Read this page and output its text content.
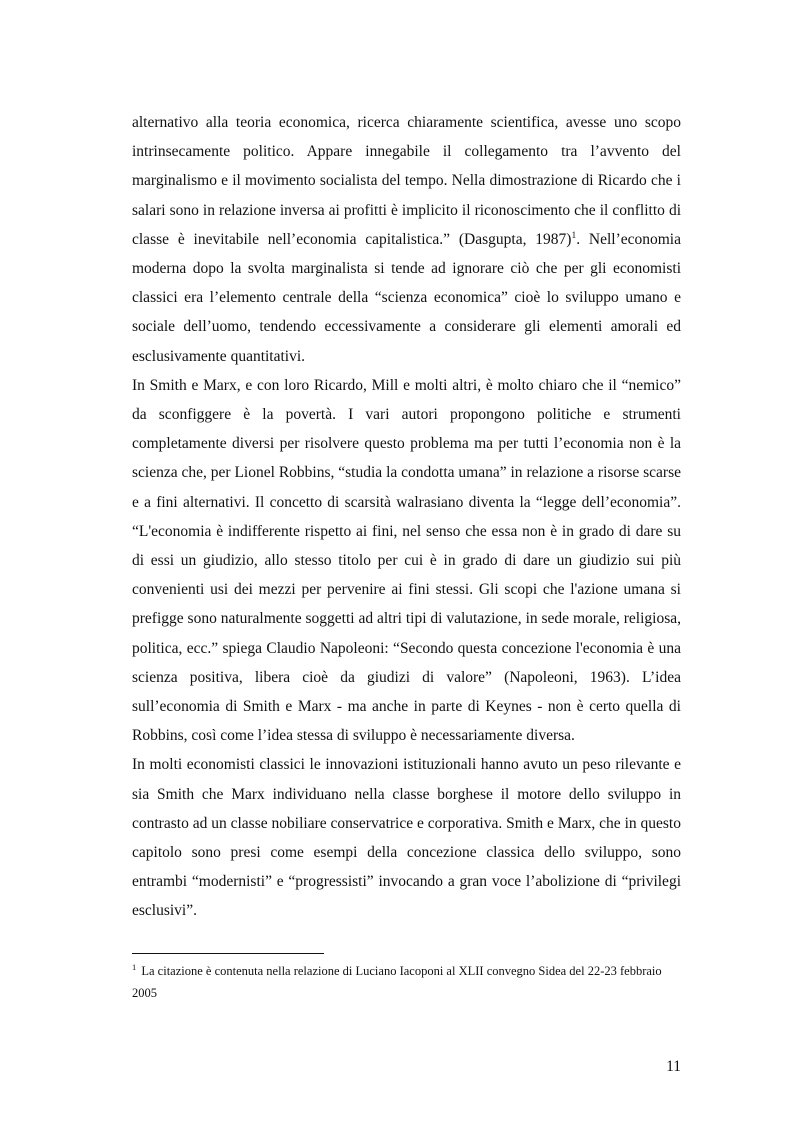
alternativo alla teoria economica, ricerca chiaramente scientifica, avesse uno scopo intrinsecamente politico. Appare innegabile il collegamento tra l’avvento del marginalismo e il movimento socialista del tempo. Nella dimostrazione di Ricardo che i salari sono in relazione inversa ai profitti è implicito il riconoscimento che il conflitto di classe è inevitabile nell’economia capitalistica.” (Dasgupta, 1987)$^1$. Nell’economia moderna dopo la svolta marginalista si tende ad ignorare ciò che per gli economisti classici era l’elemento centrale della “scienza economica” cioè lo sviluppo umano e sociale dell’uomo, tendendo eccessivamente a considerare gli elementi amorali ed esclusivamente quantitativi.

In Smith e Marx, e con loro Ricardo, Mill e molti altri, è molto chiaro che il “nemico” da sconfiggere è la povertà. I vari autori propongono politiche e strumenti completamente diversi per risolvere questo problema ma per tutti l’economia non è la scienza che, per Lionel Robbins, “studia la condotta umana” in relazione a risorse scarse e a fini alternativi. Il concetto di scarsità walrasiano diventa la “legge dell’economia”. “L'economia è indifferente rispetto ai fini, nel senso che essa non è in grado di dare su di essi un giudizio, allo stesso titolo per cui è in grado di dare un giudizio sui più convenienti usi dei mezzi per pervenire ai fini stessi. Gli scopi che l'azione umana si prefigge sono naturalmente soggetti ad altri tipi di valutazione, in sede morale, religiosa, politica, ecc.” spiega Claudio Napoleoni: “Secondo questa concezione l'economia è una scienza positiva, libera cioè da giudizi di valore” (Napoleoni, 1963). L’idea sull’economia di Smith e Marx - ma anche in parte di Keynes - non è certo quella di Robbins, così come l’idea stessa di sviluppo è necessariamente diversa.

In molti economisti classici le innovazioni istituzionali hanno avuto un peso rilevante e sia Smith che Marx individuano nella classe borghese il motore dello sviluppo in contrasto ad un classe nobiliare conservatrice e corporativa. Smith e Marx, che in questo capitolo sono presi come esempi della concezione classica dello sviluppo, sono entrambi “modernisti” e “progressisti” invocando a gran voce l’abolizione di “privilegi esclusivi”.

$^1$ La citazione è contenuta nella relazione di Luciano Iacoponi al XLII convegno Sidea del 22-23 febbraio 2005

11
